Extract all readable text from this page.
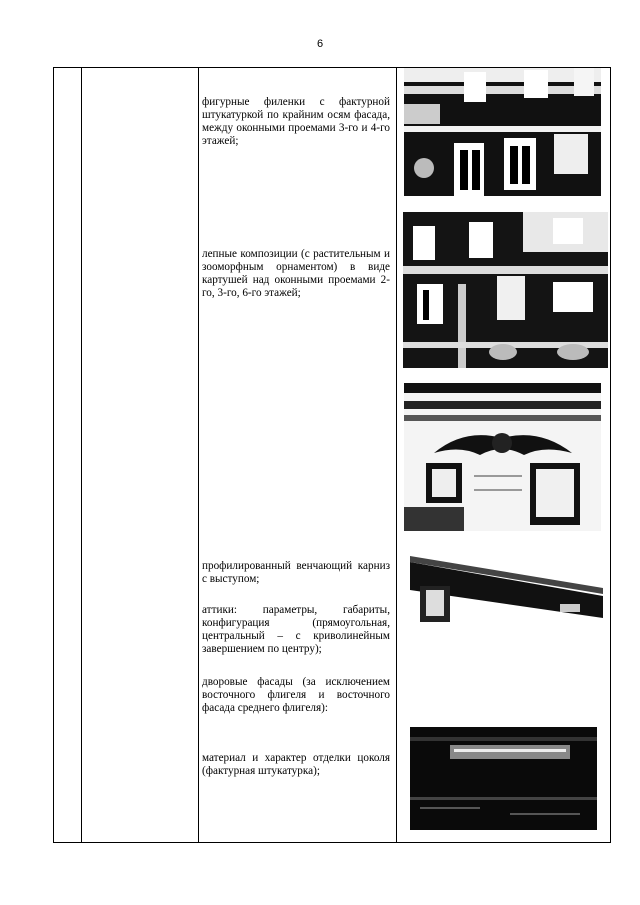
6

фигурные филенки с фактурной штукатуркой по крайним осям фасада, между оконными проемами 3-го и 4-го этажей;

лепные композиции (с растительным и зооморфным орнаментом) в виде картушей над оконными проемами 2-го, 3-го, 6-го этажей;

профилированный венчающий карниз с выступом;

аттики: параметры, габариты, конфигурация (прямоугольная, центральный – с криволинейным завершением по центру);

дворовые фасады (за исключением восточного флигеля и восточного фасада среднего флигеля):

материал и характер отделки цоколя (фактурная штукатурка);
